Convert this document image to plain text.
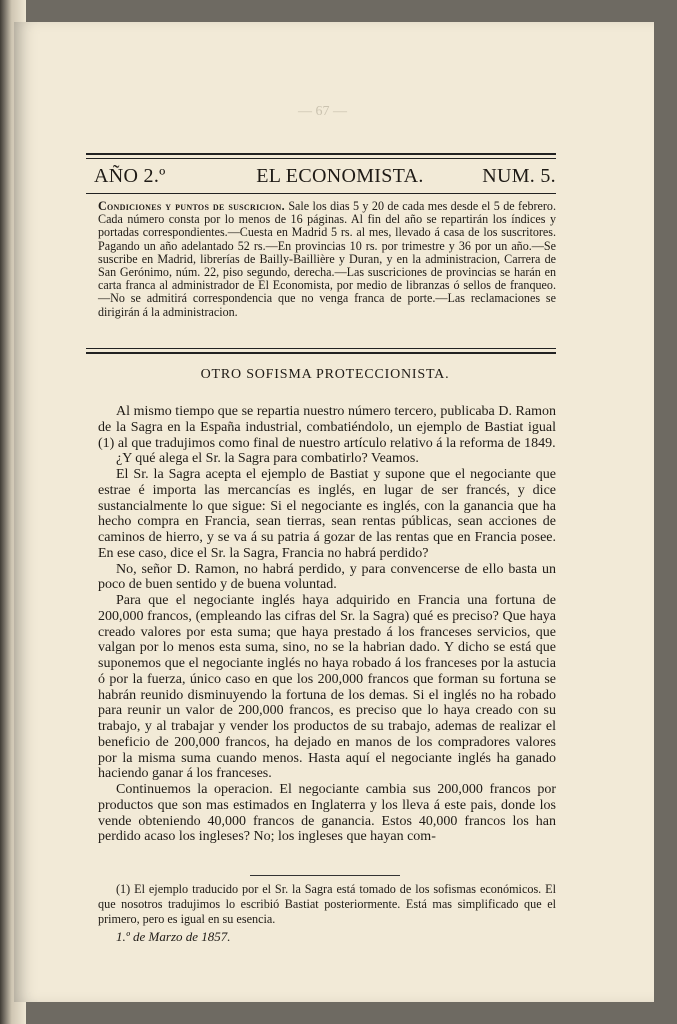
— 67 —

AÑO 2.º	EL ECONOMISTA.	NUM. 5.

Condiciones y puntos de suscricion. Sale los dias 5 y 20 de cada mes desde el 5 de febrero. Cada número consta por lo menos de 16 páginas. Al fin del año se repartirán los índices y portadas correspondientes.—Cuesta en Madrid 5 rs. al mes, llevado á casa de los suscritores. Pagando un año adelantado 52 rs.—En provincias 10 rs. por trimestre y 36 por un año.—Se suscribe en Madrid, librerías de Bailly-Baillière y Duran, y en la administracion, Carrera de San Gerónimo, núm. 22, piso segundo, derecha.—Las suscriciones de provincias se harán en carta franca al administrador de El Economista, por medio de libranzas ó sellos de franqueo.—No se admitirá correspondencia que no venga franca de porte.—Las reclamaciones se dirigirán á la administracion.

OTRO SOFISMA PROTECCIONISTA.

Al mismo tiempo que se repartia nuestro número tercero, publicaba D. Ramon de la Sagra en la España industrial, combatiéndolo, un ejemplo de Bastiat igual (1) al que tradujimos como final de nuestro artículo relativo á la reforma de 1849.

¿Y qué alega el Sr. la Sagra para combatirlo? Veamos.

El Sr. la Sagra acepta el ejemplo de Bastiat y supone que el negociante que estrae é importa las mercancías es inglés, en lugar de ser francés, y dice sustancialmente lo que sigue: Si el negociante es inglés, con la ganancia que ha hecho compra en Francia, sean tierras, sean rentas públicas, sean acciones de caminos de hierro, y se va á su patria á gozar de las rentas que en Francia posee. En ese caso, dice el Sr. la Sagra, Francia no habrá perdido?

No, señor D. Ramon, no habrá perdido, y para convencerse de ello basta un poco de buen sentido y de buena voluntad.

Para que el negociante inglés haya adquirido en Francia una fortuna de 200,000 francos, (empleando las cifras del Sr. la Sagra) qué es preciso? Que haya creado valores por esta suma; que haya prestado á los franceses servicios, que valgan por lo menos esta suma, sino, no se la habrian dado. Y dicho se está que suponemos que el negociante inglés no haya robado á los franceses por la astucia ó por la fuerza, único caso en que los 200,000 francos que forman su fortuna se habrán reunido disminuyendo la fortuna de los demas. Si el inglés no ha robado para reunir un valor de 200,000 francos, es preciso que lo haya creado con su trabajo, y al trabajar y vender los productos de su trabajo, ademas de realizar el beneficio de 200,000 francos, ha dejado en manos de los compradores valores por la misma suma cuando menos. Hasta aquí el negociante inglés ha ganado haciendo ganar á los franceses.

Continuemos la operacion. El negociante cambia sus 200,000 francos por productos que son mas estimados en Inglaterra y los lleva á este pais, donde los vende obteniendo 40,000 francos de ganancia. Estos 40,000 francos los han perdido acaso los ingleses? No; los ingleses que hayan com-

(1) El ejemplo traducido por el Sr. la Sagra está tomado de los sofismas económicos. El que nosotros tradujimos lo escribió Bastiat posteriormente. Está mas simplificado que el primero, pero es igual en su esencia.

1.º de Marzo de 1857.
